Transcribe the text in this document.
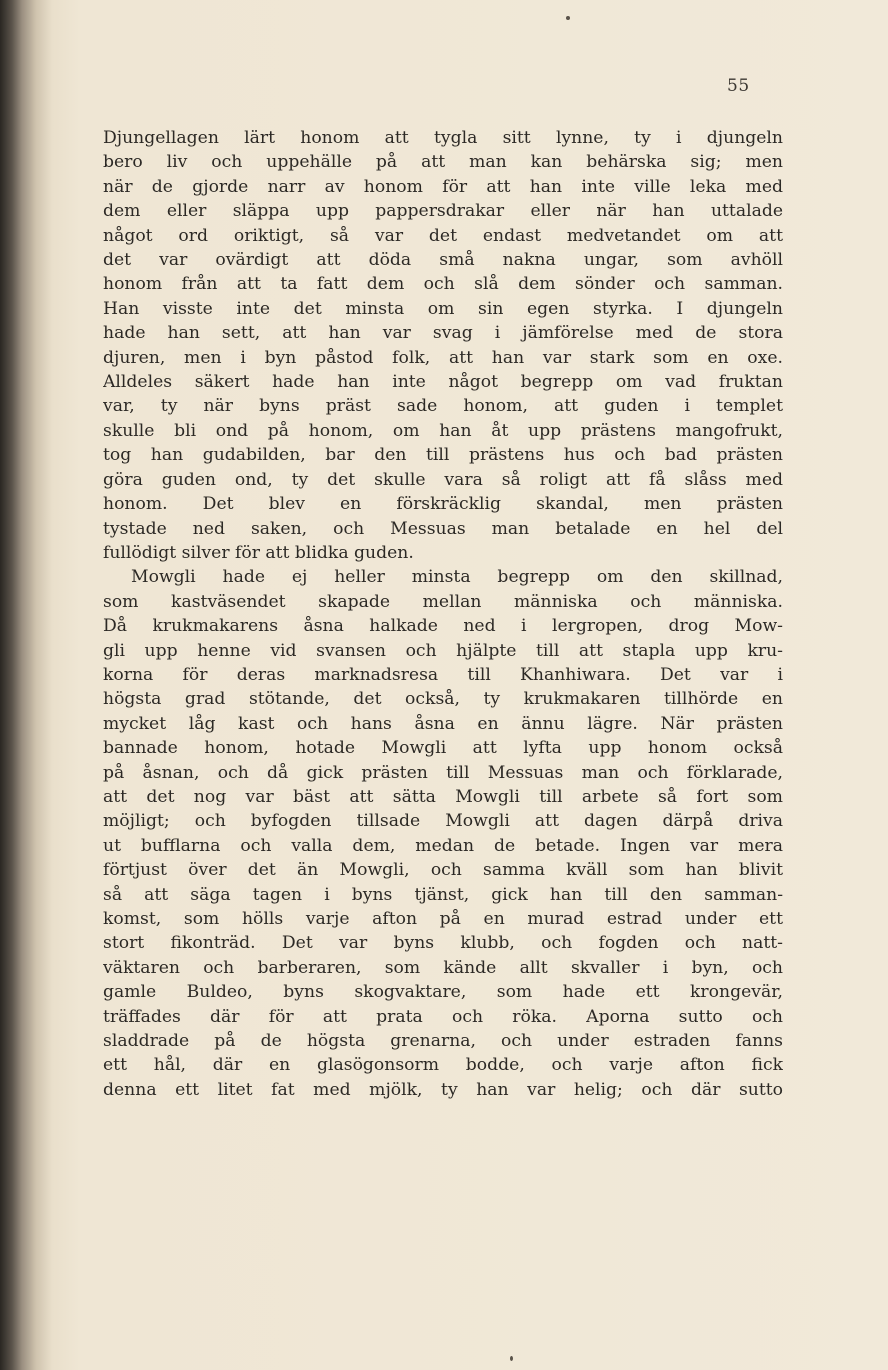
55
Djungellagen lärt honom att tygla sitt lynne, ty i djungeln
bero liv och uppehälle på att man kan behärska sig; men
när de gjorde narr av honom för att han inte ville leka med
dem eller släppa upp pappersdrakar eller när han uttalade
något ord oriktigt, så var det endast medvetandet om att
det var ovärdigt att döda små nakna ungar, som avhöll
honom från att ta fatt dem och slå dem sönder och samman.
Han visste inte det minsta om sin egen styrka. I djungeln
hade han sett, att han var svag i jämförelse med de stora
djuren, men i byn påstod folk, att han var stark som en oxe.
Alldeles säkert hade han inte något begrepp om vad fruktan
var, ty när byns präst sade honom, att guden i templet
skulle bli ond på honom, om han åt upp prästens mangofrukt,
tog han gudabilden, bar den till prästens hus och bad prästen
göra guden ond, ty det skulle vara så roligt att få slåss med
honom. Det blev en förskräcklig skandal, men prästen
tystade ned saken, och Messuas man betalade en hel del
fullödigt silver för att blidka guden.
Mowgli hade ej heller minsta begrepp om den skillnad,
som kastväsendet skapade mellan människa och människa.
Då krukmakarens åsna halkade ned i lergropen, drog Mow-
gli upp henne vid svansen och hjälpte till att stapla upp kru-
korna för deras marknadsresa till Khanhiwara. Det var i
högsta grad stötande, det också, ty krukmakaren tillhörde en
mycket låg kast och hans åsna en ännu lägre. När prästen
bannade honom, hotade Mowgli att lyfta upp honom också
på åsnan, och då gick prästen till Messuas man och förklarade,
att det nog var bäst att sätta Mowgli till arbete så fort som
möjligt; och byfogden tillsade Mowgli att dagen därpå driva
ut bufflarna och valla dem, medan de betade. Ingen var mera
förtjust över det än Mowgli, och samma kväll som han blivit
så att säga tagen i byns tjänst, gick han till den samman-
komst, som hölls varje afton på en murad estrad under ett
stort fikonträd. Det var byns klubb, och fogden och natt-
väktaren och barberaren, som kände allt skvaller i byn, och
gamle Buldeo, byns skogvaktare, som hade ett krongevär,
träffades där för att prata och röka. Aporna sutto och
sladdrade på de högsta grenarna, och under estraden fanns
ett hål, där en glasögonsorm bodde, och varje afton fick
denna ett litet fat med mjölk, ty han var helig; och där sutto
